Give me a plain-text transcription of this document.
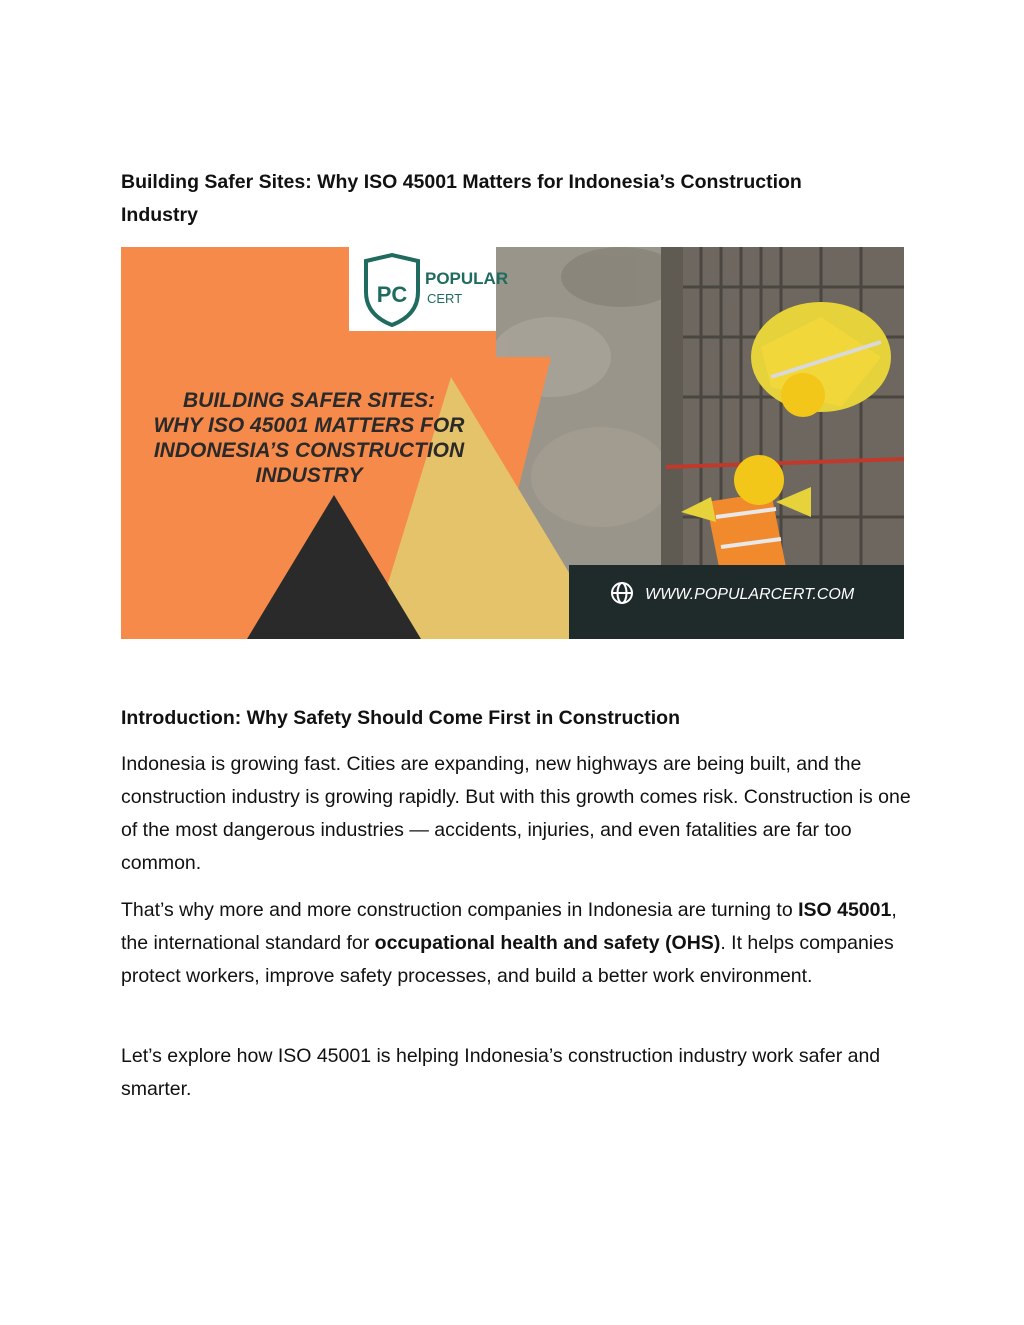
Building Safer Sites: Why ISO 45001 Matters for Indonesia’s Construction Industry
PC
POPULAR
CERT
BUILDING SAFER SITES:
WHY ISO 45001 MATTERS FOR
INDONESIA’S CONSTRUCTION
INDUSTRY
WWW.POPULARCERT.COM
Introduction: Why Safety Should Come First in Construction

Indonesia is growing fast. Cities are expanding, new highways are being built, and the construction industry is growing rapidly. But with this growth comes risk. Construction is one of the most dangerous industries — accidents, injuries, and even fatalities are far too common.

That’s why more and more construction companies in Indonesia are turning to ISO 45001, the international standard for occupational health and safety (OHS). It helps companies protect workers, improve safety processes, and build a better work environment.

Let’s explore how ISO 45001 is helping Indonesia’s construction industry work safer and smarter.
